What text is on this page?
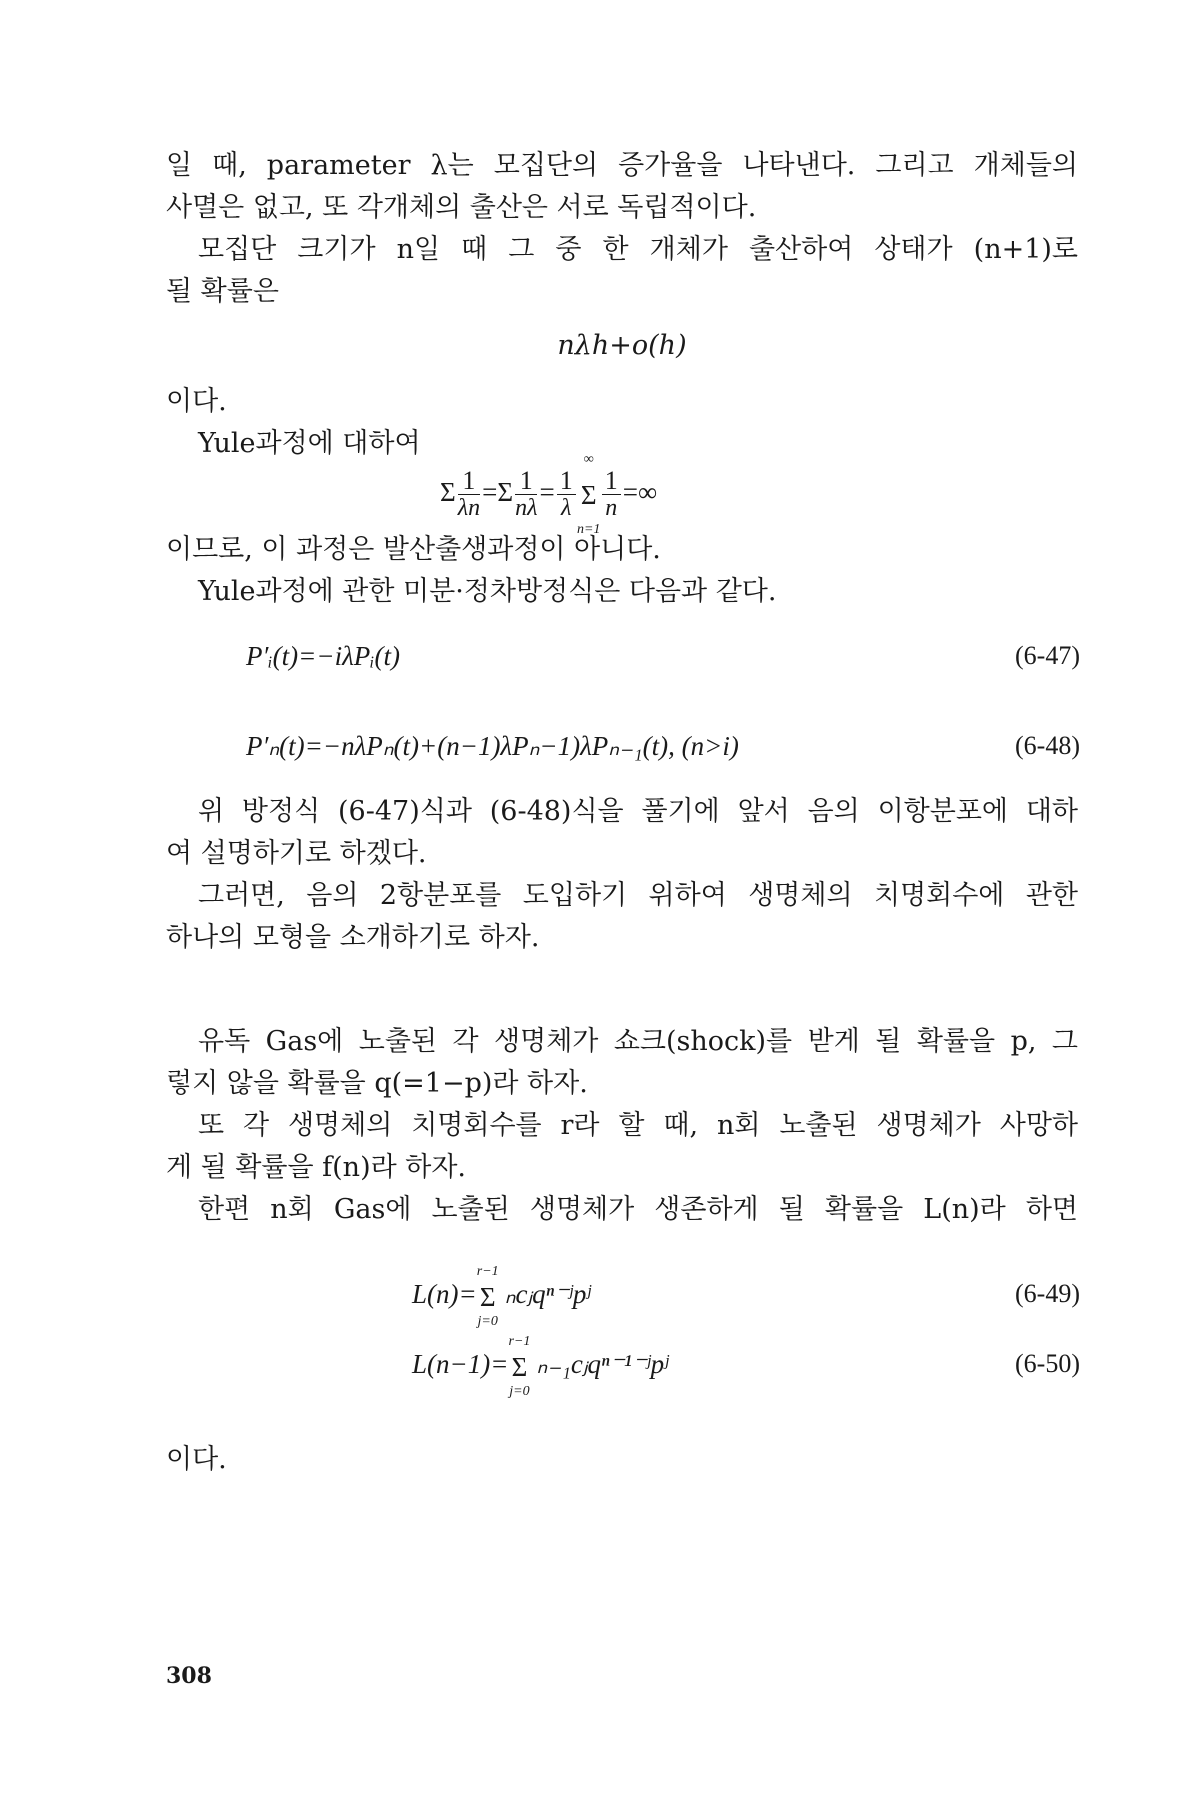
일 때, parameter λ는 모집단의 증가율을 나타낸다. 그리고 개체들의
사멸은 없고, 또 각개체의 출산은 서로 독립적이다.
모집단 크기가 n일 때 그 중 한 개체가 출산하여 상태가 (n+1)로
될 확률은
nλh+o(h)
이다.
Yule과정에 대하여
Σ $\frac{1}{\lambda n} =\Sigma \frac{1}{n\lambda} = \frac{1}{\lambda}$
∞
Σ
n=1
$\frac{1}{n}$ =∞
이므로, 이 과정은 발산출생과정이 아니다.
Yule과정에 관한 미분·정차방정식은 다음과 같다.
P′ᵢ(t)=−iλPᵢ(t)	(6-47)
P′ₙ(t)=−nλPₙ(t)+(n−1)λPₙ−1)λPₙ₋₁(t), (n>i)	(6-48)
위 방정식 (6-47)식과 (6-48)식을 풀기에 앞서 음의 이항분포에 대하
여 설명하기로 하겠다.
그러면, 음의 2항분포를 도입하기 위하여 생명체의 치명회수에 관한
하나의 모형을 소개하기로 하자.
유독 Gas에 노출된 각 생명체가 쇼크(shock)를 받게 될 확률을 p, 그
렇지 않을 확률을 q(=1−p)라 하자.
또 각 생명체의 치명회수를 r라 할 때, n회 노출된 생명체가 사망하
게 될 확률을 f(n)라 하자.
한편 n회 Gas에 노출된 생명체가 생존하게 될 확률을 L(n)라 하면
L(n)=
r−1
Σ
j=0
ₙcⱼqⁿ⁻ʲpʲ	(6-49)
L(n−1)=
r−1
Σ
j=0
ₙ₋₁cⱼqⁿ⁻¹⁻ʲpʲ	(6-50)
이다.
308
